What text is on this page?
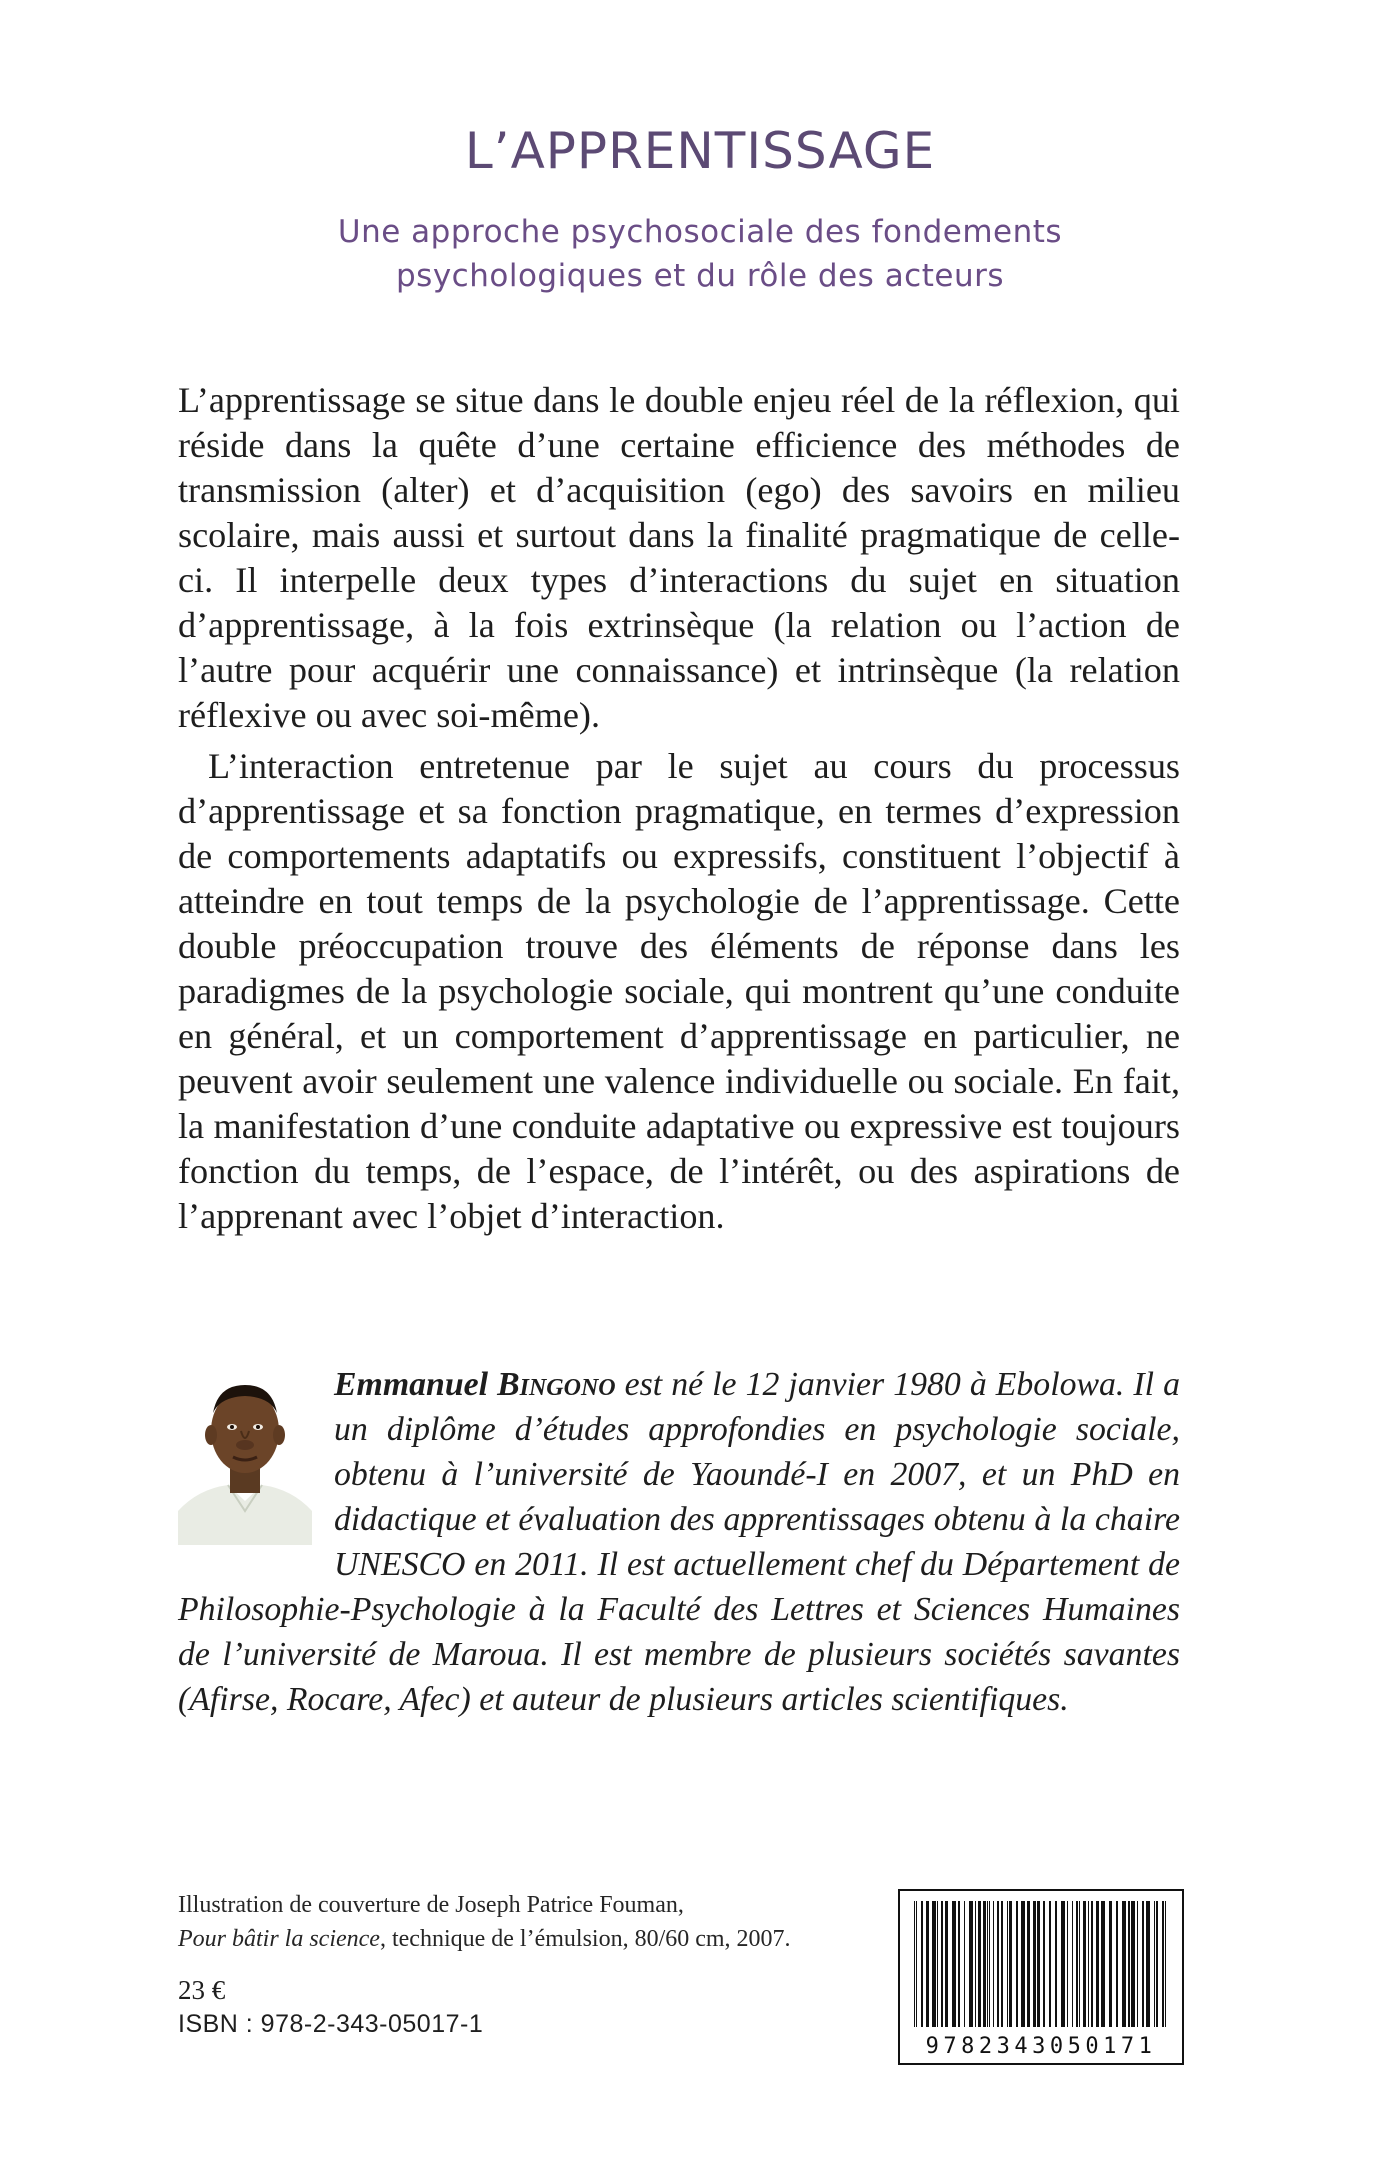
L’APPRENTISSAGE
Une approche psychosociale des fondements
psychologiques et du rôle des acteurs

L’apprentissage se situe dans le double enjeu réel de la réflexion, qui réside dans la quête d’une certaine efficience des méthodes de transmission (alter) et d’acquisition (ego) des savoirs en milieu scolaire, mais aussi et surtout dans la finalité pragmatique de celle-ci. Il interpelle deux types d’interactions du sujet en situation d’apprentissage, à la fois extrinsèque (la relation ou l’action de l’autre pour acquérir une connaissance) et intrinsèque (la relation réflexive ou avec soi-même).

L’interaction entretenue par le sujet au cours du processus d’apprentissage et sa fonction pragmatique, en termes d’expression de comportements adaptatifs ou expressifs, constituent l’objectif à atteindre en tout temps de la psychologie de l’apprentissage. Cette double préoccupation trouve des éléments de réponse dans les paradigmes de la psychologie sociale, qui montrent qu’une conduite en général, et un comportement d’apprentissage en particulier, ne peuvent avoir seulement une valence individuelle ou sociale. En fait, la manifestation d’une conduite adaptative ou expressive est toujours fonction du temps, de l’espace, de l’intérêt, ou des aspirations de l’apprenant avec l’objet d’interaction.

Emmanuel Bingono est né le 12 janvier 1980 à Ebolowa. Il a un diplôme d’études approfondies en psychologie sociale, obtenu à l’université de Yaoundé-I en 2007, et un PhD en didactique et évaluation des apprentissages obtenu à la chaire UNESCO en 2011. Il est actuellement chef du Département de Philosophie-Psychologie à la Faculté des Lettres et Sciences Humaines de l’université de Maroua. Il est membre de plusieurs sociétés savantes (Afirse, Rocare, Afec) et auteur de plusieurs articles scientifiques.
Illustration de couverture de Joseph Patrice Fouman,
Pour bâtir la science, technique de l’émulsion, 80/60 cm, 2007.
23 €
ISBN : 978-2-343-05017-1
9782343050171
